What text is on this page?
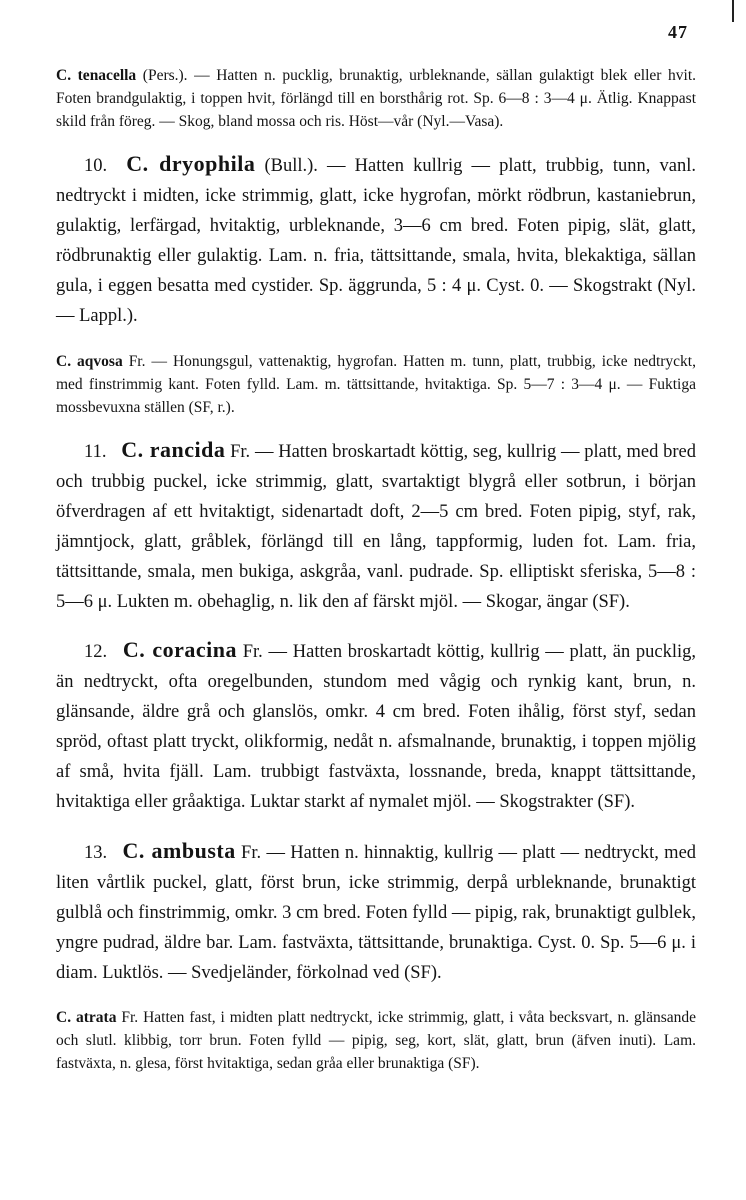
47

C. tenacella (Pers.). — Hatten n. pucklig, brunaktig, urbleknande, sällan gulaktigt blek eller hvit. Foten brandgulaktig, i toppen hvit, förlängd till en borsthårig rot. Sp. 6—8 : 3—4 μ. Ätlig. Knappast skild från föreg. — Skog, bland mossa och ris. Höst—vår (Nyl.—Vasa).

10. C. dryophila (Bull.). — Hatten kullrig — platt, trubbig, tunn, vanl. nedtryckt i midten, icke strimmig, glatt, icke hygrofan, mörkt rödbrun, kastaniebrun, gulaktig, lerfärgad, hvitaktig, urbleknande, 3—6 cm bred. Foten pipig, slät, glatt, rödbrunaktig eller gulaktig. Lam. n. fria, tättsittande, smala, hvita, blekaktiga, sällan gula, i eggen besatta med cystider. Sp. äggrunda, 5 : 4 μ. Cyst. 0. — Skogstrakt (Nyl.— Lappl.).

C. aqvosa Fr. — Honungsgul, vattenaktig, hygrofan. Hatten m. tunn, platt, trubbig, icke nedtryckt, med finstrimmig kant. Foten fylld. Lam. m. tättsittande, hvitaktiga. Sp. 5—7 : 3—4 μ. — Fuktiga mossbevuxna ställen (SF, r.).

11. C. rancida Fr. — Hatten broskartadt köttig, seg, kullrig — platt, med bred och trubbig puckel, icke strimmig, glatt, svartaktigt blygrå eller sotbrun, i början öfverdragen af ett hvitaktigt, sidenartadt doft, 2—5 cm bred. Foten pipig, styf, rak, jämntjock, glatt, gråblek, förlängd till en lång, tappformig, luden fot. Lam. fria, tättsittande, smala, men bukiga, askgråa, vanl. pudrade. Sp. elliptiskt sferiska, 5—8 : 5—6 μ. Lukten m. obehaglig, n. lik den af färskt mjöl. — Skogar, ängar (SF).

12. C. coracina Fr. — Hatten broskartadt köttig, kullrig — platt, än pucklig, än nedtryckt, ofta oregelbunden, stundom med vågig och rynkig kant, brun, n. glänsande, äldre grå och glanslös, omkr. 4 cm bred. Foten ihålig, först styf, sedan spröd, oftast platt tryckt, olikformig, nedåt n. afsmalnande, brunaktig, i toppen mjölig af små, hvita fjäll. Lam. trubbigt fastväxta, lossnande, breda, knappt tättsittande, hvitaktiga eller gråaktiga. Luktar starkt af nymalet mjöl. — Skogstrakter (SF).

13. C. ambusta Fr. — Hatten n. hinnaktig, kullrig — platt — nedtryckt, med liten vårtlik puckel, glatt, först brun, icke strimmig, derpå urbleknande, brunaktigt gulblå och finstrimmig, omkr. 3 cm bred. Foten fylld — pipig, rak, brunaktigt gulblek, yngre pudrad, äldre bar. Lam. fastväxta, tättsittande, brunaktiga. Cyst. 0. Sp. 5—6 μ. i diam. Luktlös. — Svedjeländer, förkolnad ved (SF).

C. atrata Fr. Hatten fast, i midten platt nedtryckt, icke strimmig, glatt, i våta becksvart, n. glänsande och slutl. klibbig, torr brun. Foten fylld — pipig, seg, kort, slät, glatt, brun (äfven inuti). Lam. fastväxta, n. glesa, först hvitaktiga, sedan gråa eller brunaktiga (SF).
